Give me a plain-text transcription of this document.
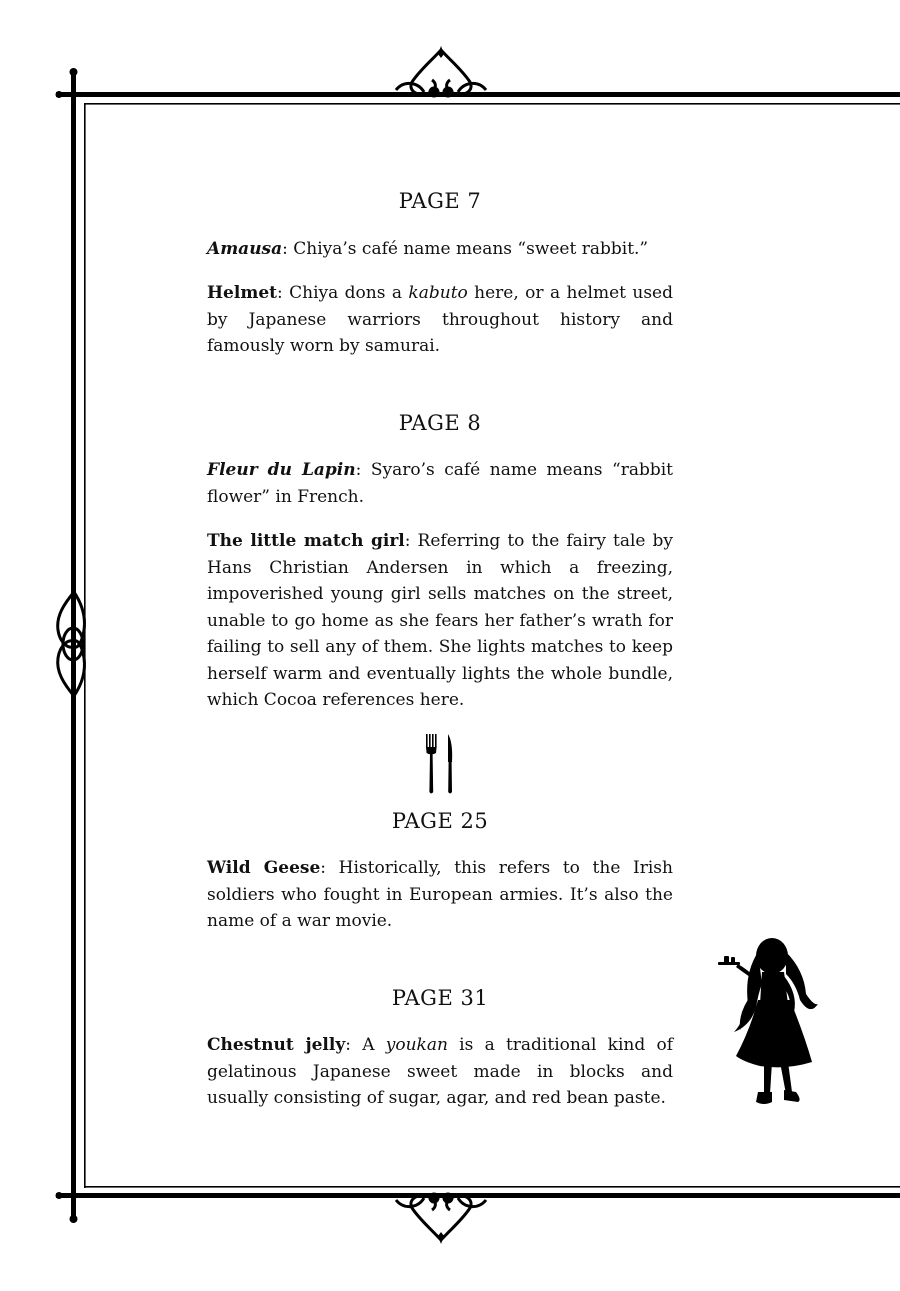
PAGE 7

Amausa: Chiya’s café name means “sweet rabbit.”

Helmet: Chiya dons a kabuto here, or a helmet used by Japanese warriors throughout history and famously worn by samurai.

PAGE 8

Fleur du Lapin: Syaro’s café name means “rabbit flower” in French.

The little match girl: Referring to the fairy tale by Hans Christian Andersen in which a freezing, impoverished young girl sells matches on the street, unable to go home as she fears her father’s wrath for failing to sell any of them. She lights matches to keep herself warm and eventually lights the whole bundle, which Cocoa references here.

PAGE 25

Wild Geese: Historically, this refers to the Irish soldiers who fought in European armies. It’s also the name of a war movie.

PAGE 31

Chestnut jelly: A youkan is a traditional kind of gelatinous Japanese sweet made in blocks and usually consisting of sugar, agar, and red bean paste.
